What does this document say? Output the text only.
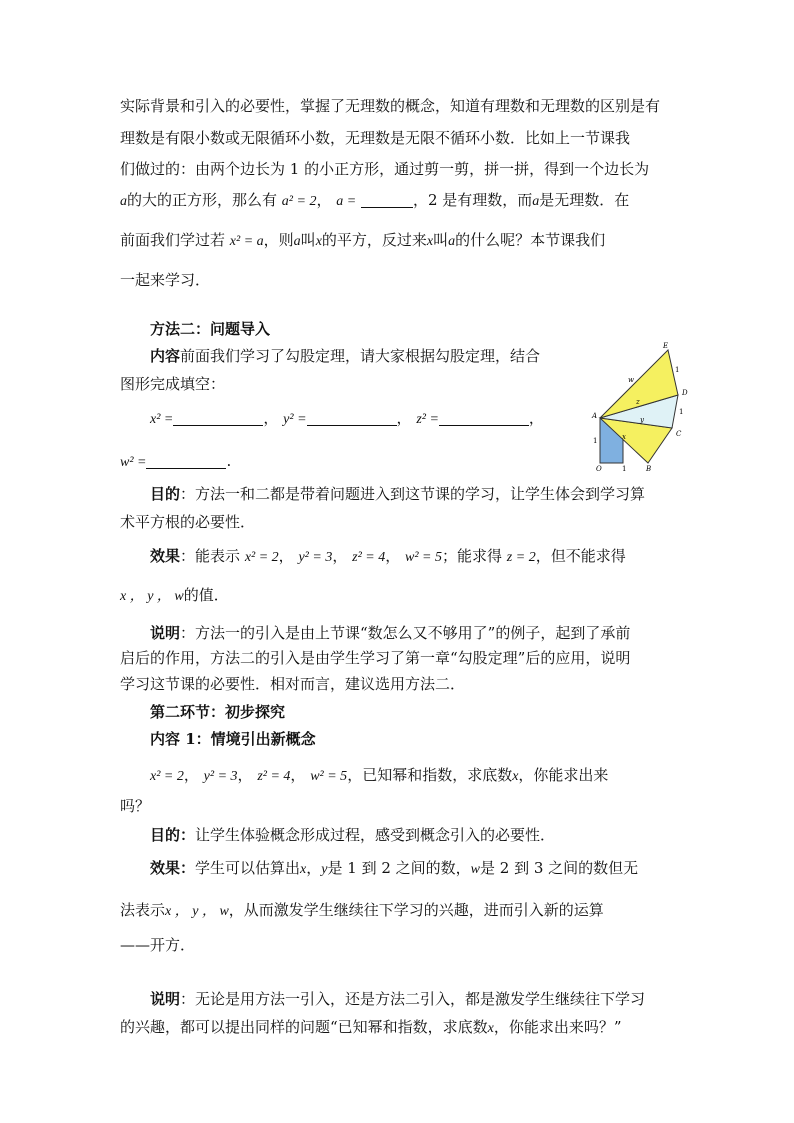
实际背景和引入的必要性，掌握了无理数的概念，知道有理数和无理数的区别是有
理数是有限小数或无限循环小数，无理数是无限不循环小数．比如上一节课我
们做过的：由两个边长为 1 的小正方形，通过剪一剪，拼一拼，得到一个边长为
a的大的正方形，那么有 a² = 2， a =	，2 是有理数，而a是无理数．在
前面我们学过若 x² = a，则a叫x的平方，反过来x叫a的什么呢？本节课我们
一起来学习．
方法二：问题导入
内容前面我们学习了勾股定理，请大家根据勾股定理，结合
图形完成填空：
x² =	， y² =	， z² =	，
w² =	.
E
D
C
A
O	B
w
z
y
x
1
1
1
1
目的：方法一和二都是带着问题进入到这节课的学习，让学生体会到学习算
术平方根的必要性．
效果：能表示 x² = 2， y² = 3， z² = 4， w² = 5；能求得 z = 2，但不能求得
x ， y ， w的值．
说明：方法一的引入是由上节课“数怎么又不够用了”的例子，起到了承前
启后的作用，方法二的引入是由学生学习了第一章“勾股定理”后的应用，说明
学习这节课的必要性．相对而言，建议选用方法二．
第二环节：初步探究
内容 1：情境引出新概念
x² = 2， y² = 3， z² = 4， w² = 5，已知幂和指数，求底数x，你能求出来
吗？
目的：让学生体验概念形成过程，感受到概念引入的必要性．
效果：学生可以估算出x，y是 1 到 2 之间的数，w是 2 到 3 之间的数但无
法表示x ， y ， w，从而激发学生继续往下学习的兴趣，进而引入新的运算
——开方．
说明：无论是用方法一引入，还是方法二引入，都是激发学生继续往下学习
的兴趣，都可以提出同样的问题“已知幂和指数，求底数x，你能求出来吗？”
